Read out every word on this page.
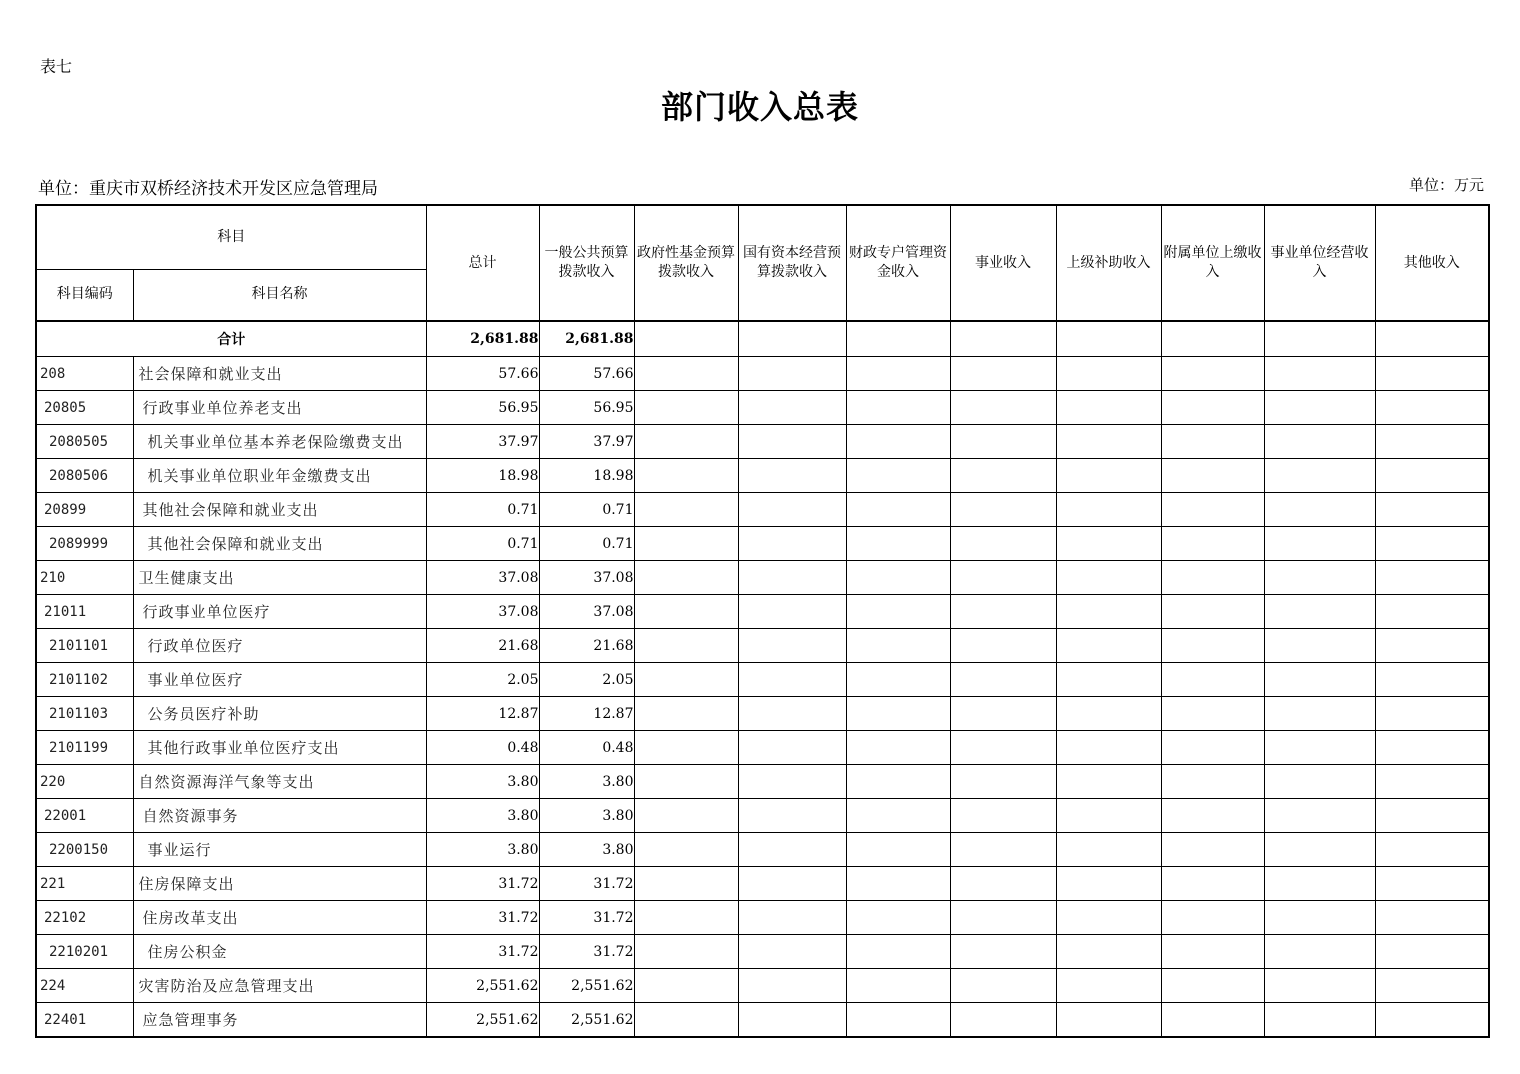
表七
部门收入总表
单位：重庆市双桥经济技术开发区应急管理局	单位：万元
科目		总计	一般公共预算拨款收入	政府性基金预算拨款收入	国有资本经营预算拨款收入	财政专户管理资金收入	事业收入	上级补助收入	附属单位上缴收入	事业单位经营收入	其他收入
科目编码	科目名称										
合计		2,681.88	2,681.88								
208	社会保障和就业支出	57.66	57.66								
20805	行政事业单位养老支出	56.95	56.95								
2080505	机关事业单位基本养老保险缴费支出	37.97	37.97								
2080506	机关事业单位职业年金缴费支出	18.98	18.98								
20899	其他社会保障和就业支出	0.71	0.71								
2089999	其他社会保障和就业支出	0.71	0.71								
210	卫生健康支出	37.08	37.08								
21011	行政事业单位医疗	37.08	37.08								
2101101	行政单位医疗	21.68	21.68								
2101102	事业单位医疗	2.05	2.05								
2101103	公务员医疗补助	12.87	12.87								
2101199	其他行政事业单位医疗支出	0.48	0.48								
220	自然资源海洋气象等支出	3.80	3.80								
22001	自然资源事务	3.80	3.80								
2200150	事业运行	3.80	3.80								
221	住房保障支出	31.72	31.72								
22102	住房改革支出	31.72	31.72								
2210201	住房公积金	31.72	31.72								
224	灾害防治及应急管理支出	2,551.62	2,551.62								
22401	应急管理事务	2,551.62	2,551.62								
